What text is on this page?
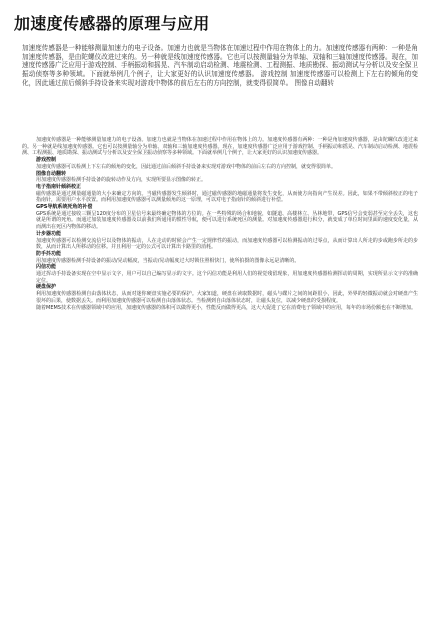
加速度传感器的原理与应用
加速度传感器是一种能够测量加速力的电子设备。加速力也就是当物体在加速过程中作用在物体上的力。加速度传感器有两种：一种是角加速度传感器，是由陀螺仪改进过来的。另一种就是线加速度传感器。它也可以按测量轴分为单轴、双轴和三轴加速度传感器。现在，加速度传感器广泛应用于游戏控制、手柄振动和摇晃、汽车制动启动检测、地震检测、工程测振、地质勘探、振动测试与分析以及安全保卫振动侦察等多种领域。下面就举例几个例子，让大家更好的认识加速度传感器。 游戏控制 加速度传感器可以检测上下左右的倾角的变化，因此通过前后倾斜手持设备来实现对游戏中物体的前后左右的方向控制，就变得很简单。 图像自动翻转

加速度传感器是一种能够测量加速力的电子设备。加速力也就是当物体在加速过程中作用在物体上的力。加速度传感器有两种：一种是角加速度传感器，是由陀螺仪改进过来的。另一种就是线加速度传感器。它也可以按测量轴分为单轴、双轴和三轴加速度传感器。现在，加速度传感器广泛应用于游戏控制、手柄振动和摇晃、汽车制动启动检测、地震检测、工程测振、地质勘探、振动测试与分析以及安全保卫振动侦察等多种领域。下面就举例几个例子，让大家更好的认识加速度传感器。

游戏控制

加速度传感器可以检测上下左右的倾角的变化，因此通过前后倾斜手持设备来实现对游戏中物体的前后左右的方向控制，就变得很简单。

图像自动翻转

用加速度传感器检测手持设备的旋转动作及方向，实现所要显示图像的转正。

电子指南针倾斜校正

磁传感器是通过测量磁通量的大小来确定方向的。当磁传感器发生倾斜时，通过磁传感器的地磁通量将发生变化，从而使方向指向产生误差。因此，如果不带倾斜校正的电子指南针，需要用户水平放置。而利用加速度传感器可以测量倾角的这一原理，可以对电子指南针的倾斜进行补偿。

GPS导航系统死角的补偿

GPS系统是通过接收三颗呈120度分布的卫星信号来最终确定物体的方位的。在一些特殊的场合和地貌，如隧道、高楼林立、丛林地带，GPS信号会变弱甚至完全丢失，这也就是所谓的死角。而通过加装加速度传感器及以前我们所通用的惯性导航，便可以进行系统死区的测量。对加速度传感器进行积分，就变成了单位时间里面的速度变化量，从而测出在死区内物体的移动。

计步器功能

加速度传感器可以检测交流信号以及物体的振动，人在走动的时候会产生一定规律性的振动，而加速度传感器可以检测振动的过零点，从而计算出人所走的步或跑步所走的步数，从而计算出人所移动的位移。并且利用一定的公式可以计算出卡路里的消耗。

防手抖功能

用加速度传感器检测手持设备的振动/晃动幅度，当振动/晃动幅度过大时锁住照相快门，使所拍摄的图像永远是清晰的。

闪信功能

通过挥动手持设备实现在空中显示文字，用户可以自己编写显示的文字。这个闪信功能是利用人们的视觉残留现象，用加速度传感器检测挥动的周期，实现所显示文字的准确定位。

硬盘保护

利用加速度传感器检测自由落体状态，从而对迷你硬盘实施必要的保护。大家知道，硬盘在读取数据时，磁头与碟片之间的间距很小，因此，外界的轻微振动就会对硬盘产生很坏的后果，使数据丢失。而利用加速度传感器可以检测自由落体状态。当检测到自由落体状态时，让磁头复位，以减少硬盘的受损程度。

随着MEMS技术在传感器领域中的应用，加速度传感器的体积可以做得更小，性能反而做得更高，这大大促进了它在消费电子领域中的应用，每年的市场份额也在不断增加。
